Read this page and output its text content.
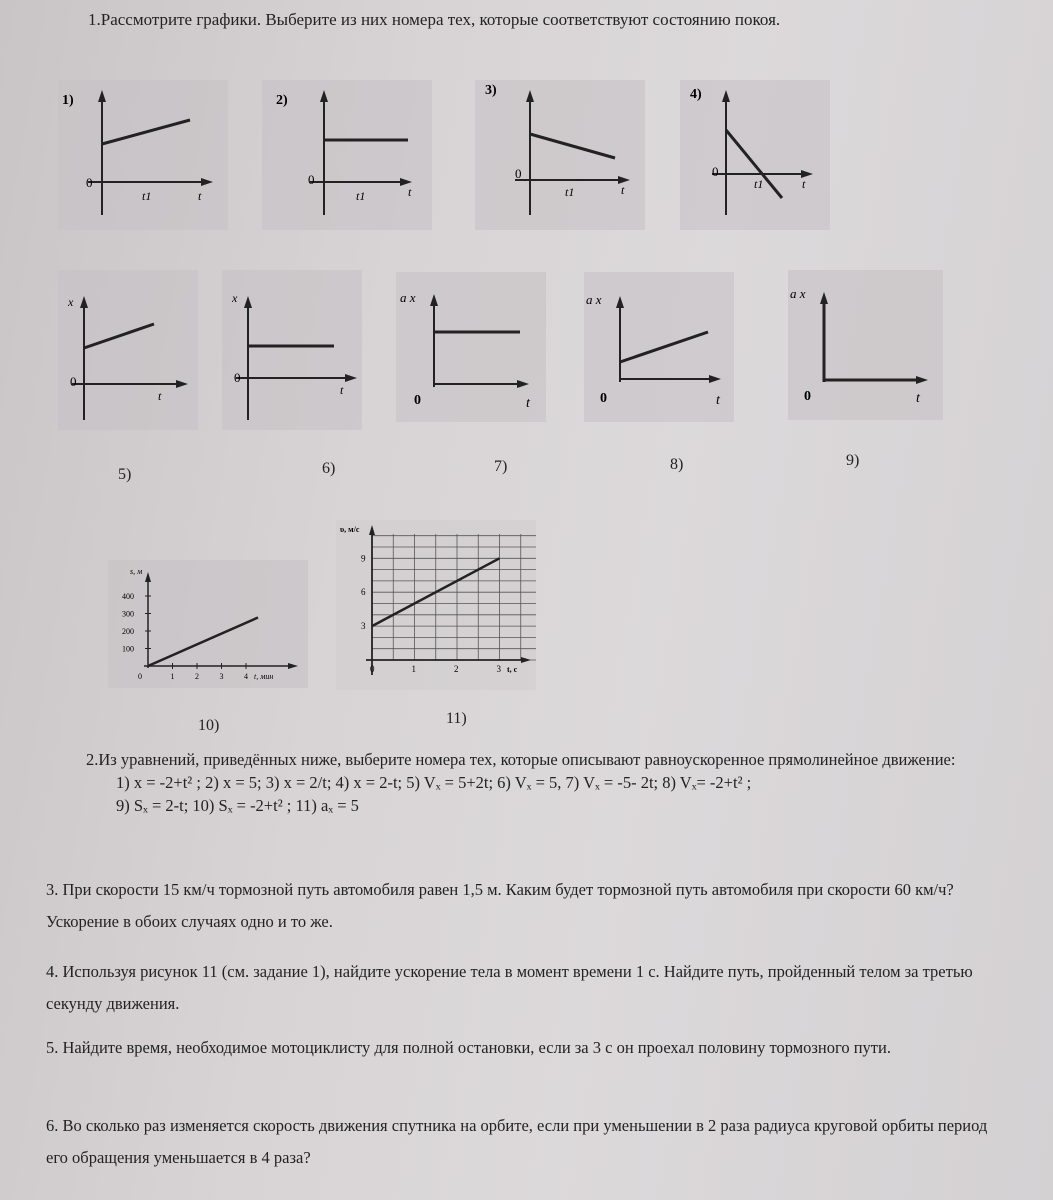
1.Рассмотрите графики. Выберите из них номера тех, которые соответствуют состоянию покоя.
1)
0
t1	t
2)
0
t1	t
3)
0
t1	t
4)
0
t1	t
x
0
t
5)
x
0
t
6)
a x
0	t
7)
a x
0	t
8)
a x
0	t
9)
s, м
t, мин
100
200
300
400
0	1	2	3	4
10)
υ, м/с
t, с
3
6
9
0	1	2	3
11)
2.Из уравнений, приведённых ниже, выберите номера тех, которые описывают равноускоренное прямолинейное движение:
1) x = -2+t² ; 2) x = 5; 3) x = 2/t; 4) x = 2-t; 5) Vₓ = 5+2t; 6) Vₓ = 5, 7) Vₓ = -5- 2t; 8) Vₓ= -2+t² ;
9) Sₓ = 2-t; 10) Sₓ = -2+t² ; 11) aₓ = 5
3. При скорости 15 км/ч тормозной путь автомобиля равен 1,5 м. Каким будет тормозной путь автомобиля при скорости 60 км/ч? Ускорение в обоих случаях одно и то же.
4. Используя рисунок 11 (см. задание 1), найдите ускорение тела в момент времени 1 с. Найдите путь, пройденный телом за третью секунду движения.
5. Найдите время, необходимое мотоциклисту для полной остановки, если за 3 с он проехал половину тормозного пути.
6. Во сколько раз изменяется скорость движения спутника на орбите, если при уменьшении в 2 раза радиуса круговой орбиты период его обращения уменьшается в 4 раза?
